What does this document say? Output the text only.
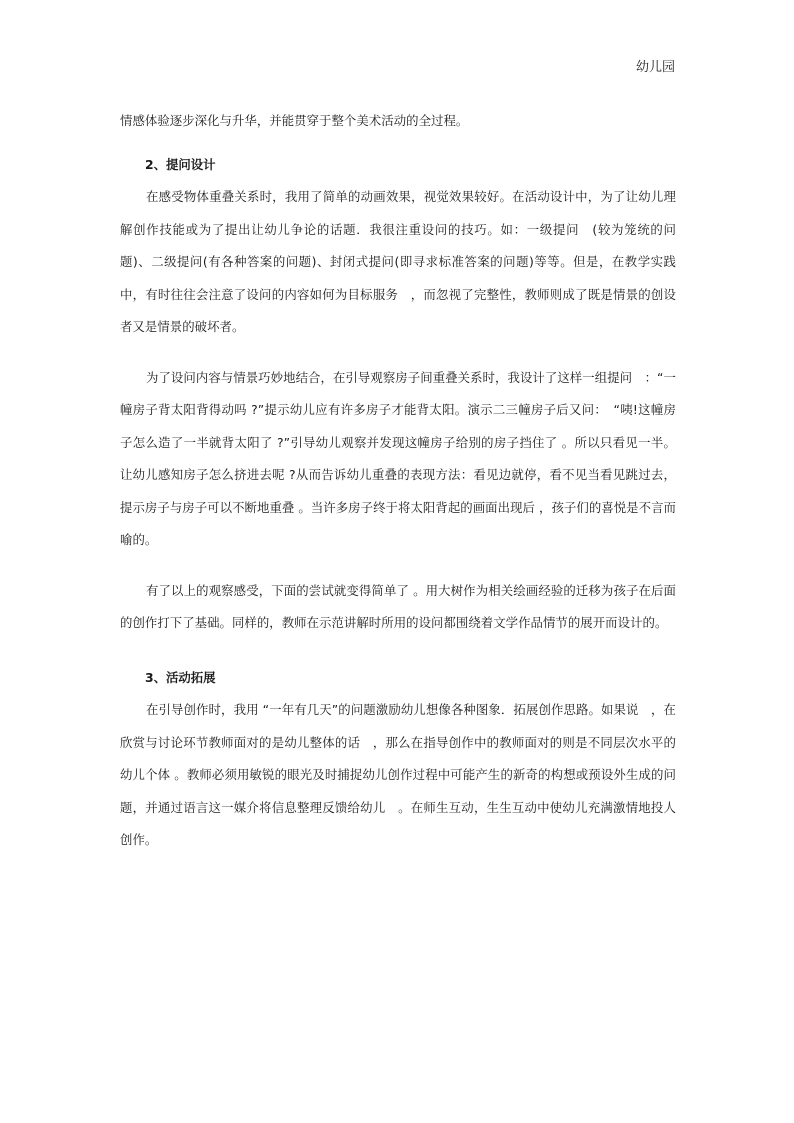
幼儿园

情感体验逐步深化与升华，并能贯穿于整个美术活动的全过程。

2、提问设计

在感受物体重叠关系时，我用了简单的动画效果，视觉效果较好。在活动设计中，为了让幼儿理解创作技能或为了提出让幼儿争论的话题．我很注重设问的技巧。如：一级提问　(较为笼统的问题)、二级提问(有各种答案的问题)、封闭式提问(即寻求标准答案的问题)等等。但是，在教学实践中，有时往往会注意了设问的内容如何为目标服务　，而忽视了完整性，教师则成了既是情景的创设者又是情景的破坏者。

为了设问内容与情景巧妙地结合，在引导观察房子间重叠关系时，我设计了这样一组提问　：“一幢房子背太阳背得动吗 ?”提示幼儿应有许多房子才能背太阳。演示二三幢房子后又问：　“咦!这幢房子怎么造了一半就背太阳了 ?”引导幼儿观察并发现这幢房子给别的房子挡住了 。所以只看见一半。让幼儿感知房子怎么挤进去呢 ?从而告诉幼儿重叠的表现方法：看见边就停，看不见当看见跳过去，提示房子与房子可以不断地重叠 。当许多房子终于将太阳背起的画面出现后 ，孩子们的喜悦是不言而喻的。

有了以上的观察感受，下面的尝试就变得简单了 。用大树作为相关绘画经验的迁移为孩子在后面的创作打下了基础。同样的，教师在示范讲解时所用的设问都围绕着文学作品情节的展开而设计的。

3、活动拓展

在引导创作时，我用 “一年有几天”的问题激励幼儿想像各种图象．拓展创作思路。如果说　，在欣赏与讨论环节教师面对的是幼儿整体的话　，那么在指导创作中的教师面对的则是不同层次水平的幼儿个体 。教师必须用敏锐的眼光及时捕捉幼儿创作过程中可能产生的新奇的构想或预设外生成的问题，并通过语言这一媒介将信息整理反馈给幼儿　。在师生互动，生生互动中使幼儿充满激情地投人创作。
